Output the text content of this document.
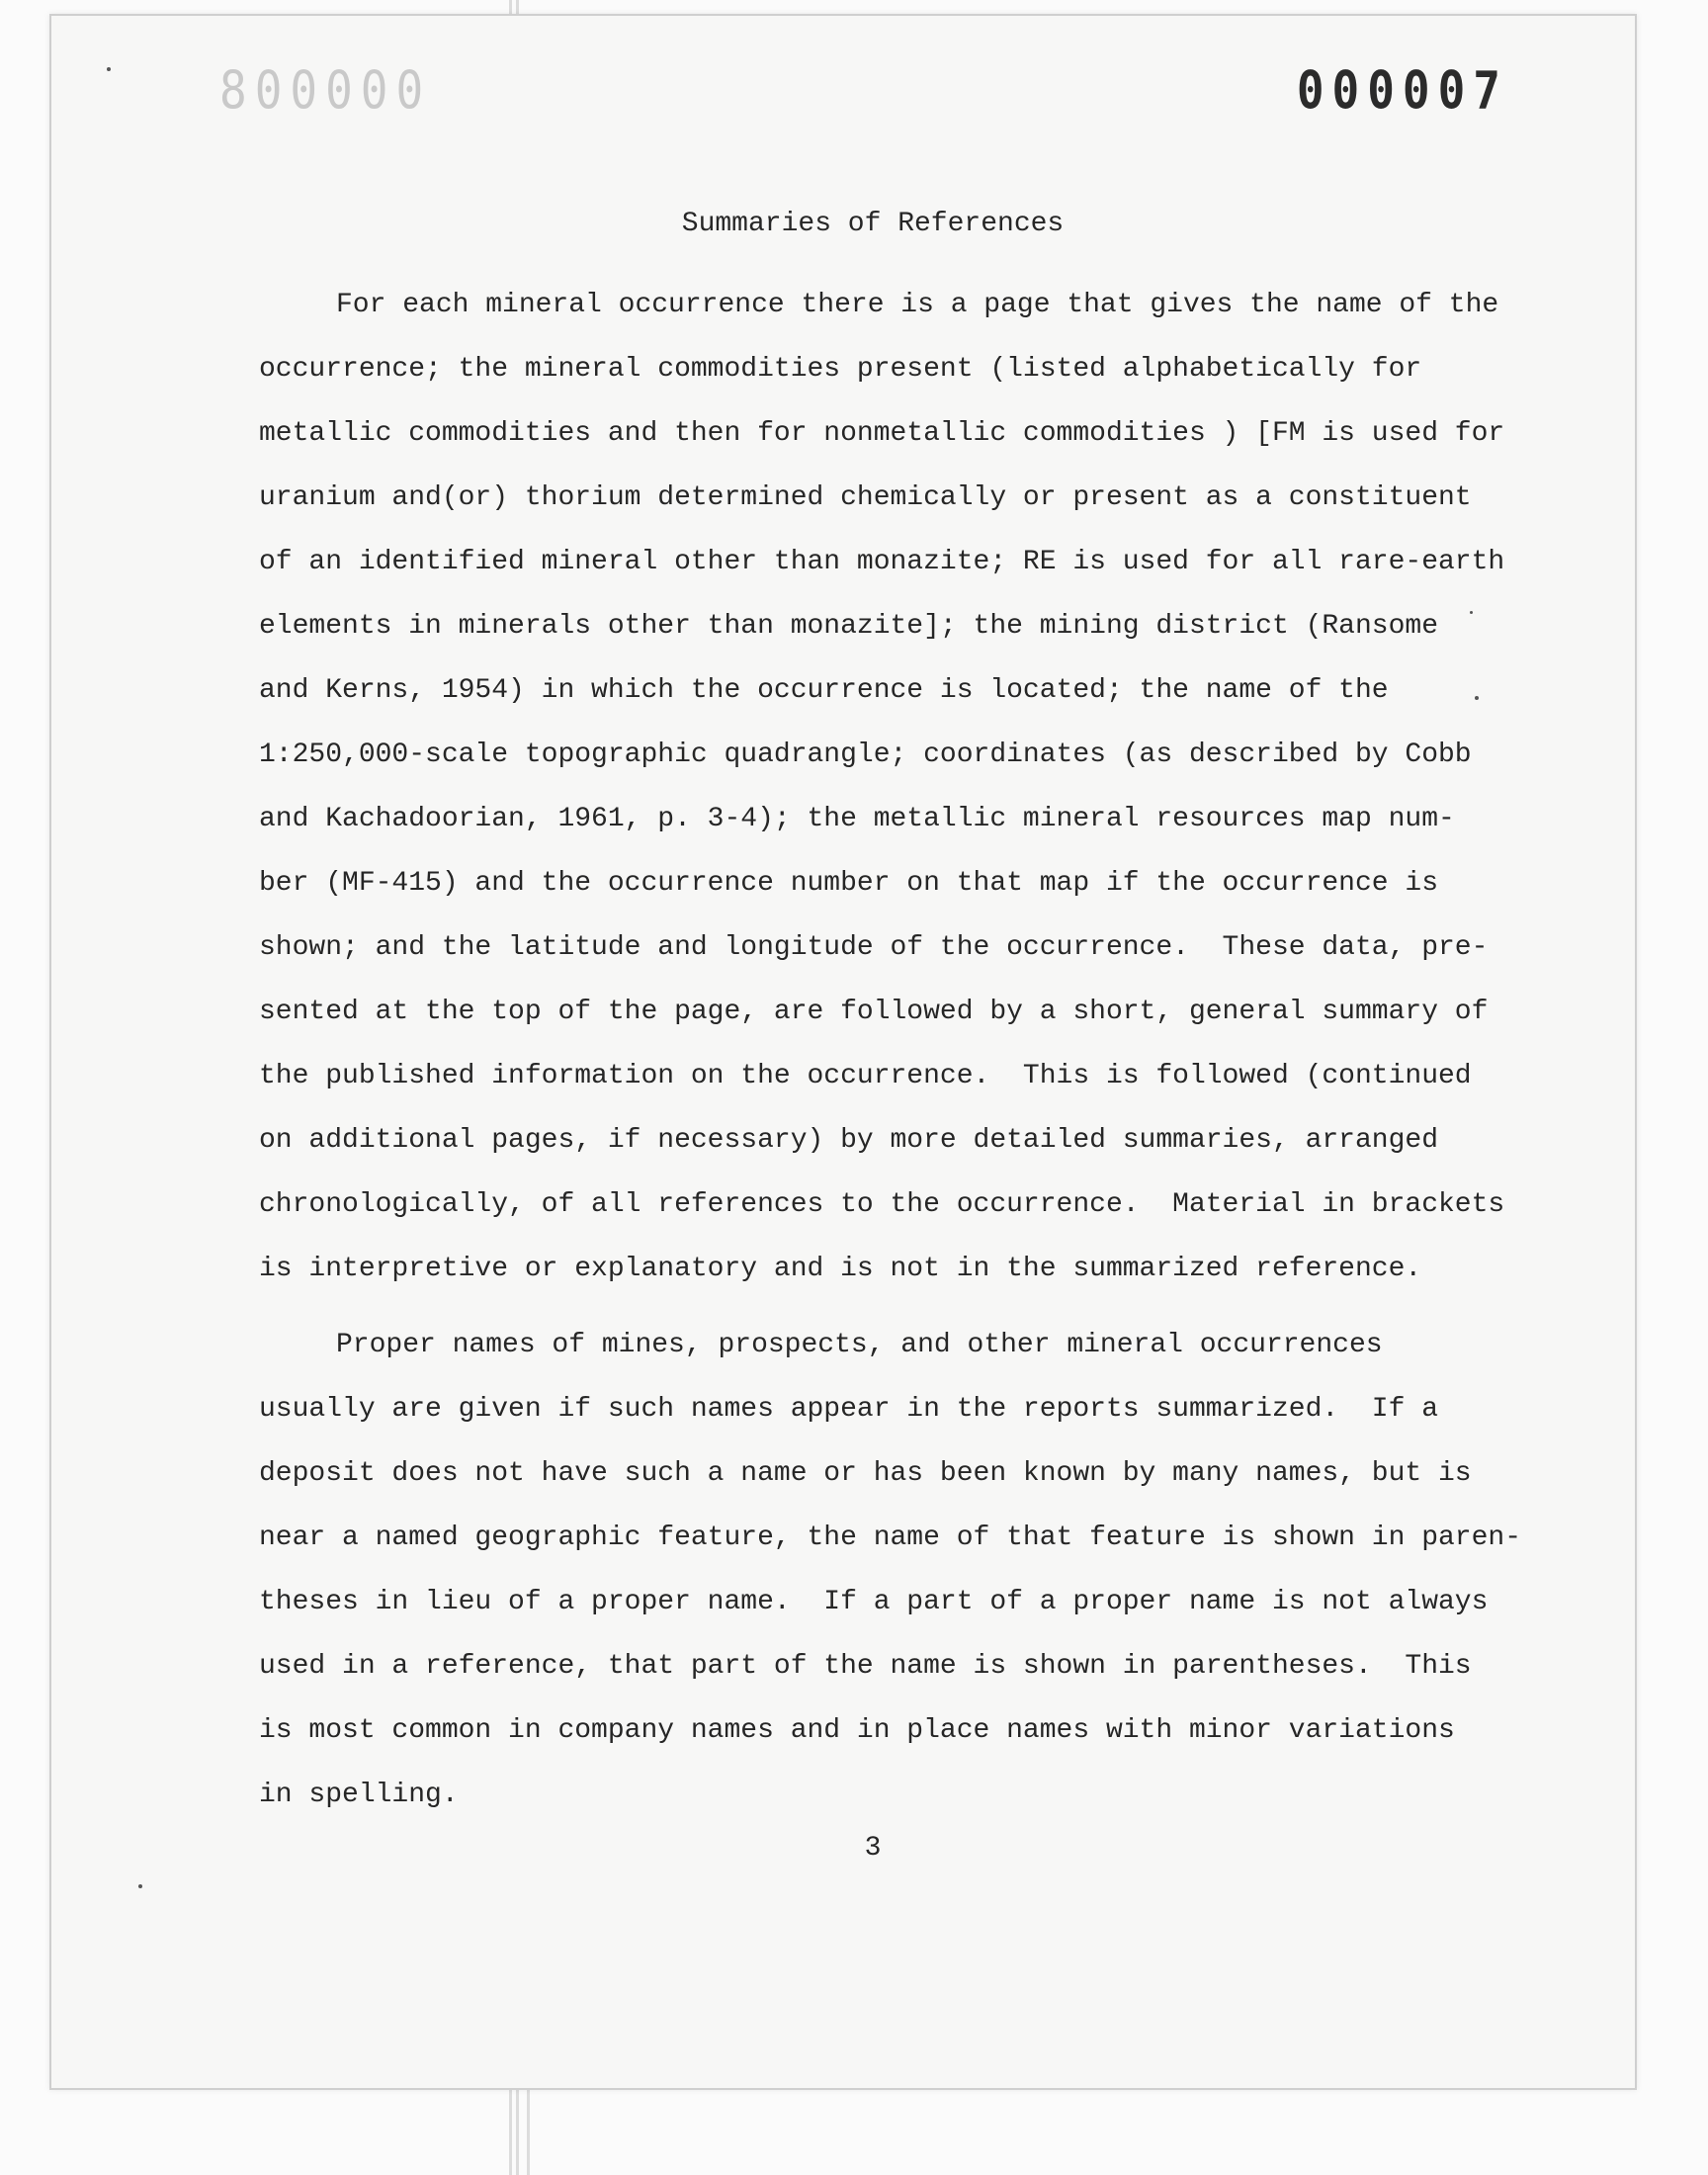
800000	000007
Summaries of References
For each mineral occurrence there is a page that gives the name of the
occurrence; the mineral commodities present (listed alphabetically for
metallic commodities and then for nonmetallic commodities ) [FM is used for
uranium and(or) thorium determined chemically or present as a constituent
of an identified mineral other than monazite; RE is used for all rare-earth
elements in minerals other than monazite]; the mining district (Ransome
and Kerns, 1954) in which the occurrence is located; the name of the
1:250,000-scale topographic quadrangle; coordinates (as described by Cobb
and Kachadoorian, 1961, p. 3-4); the metallic mineral resources map num-
ber (MF-415) and the occurrence number on that map if the occurrence is
shown; and the latitude and longitude of the occurrence.  These data, pre-
sented at the top of the page, are followed by a short, general summary of
the published information on the occurrence.  This is followed (continued
on additional pages, if necessary) by more detailed summaries, arranged
chronologically, of all references to the occurrence.  Material in brackets
is interpretive or explanatory and is not in the summarized reference.
Proper names of mines, prospects, and other mineral occurrences
usually are given if such names appear in the reports summarized.  If a
deposit does not have such a name or has been known by many names, but is
near a named geographic feature, the name of that feature is shown in paren-
theses in lieu of a proper name.  If a part of a proper name is not always
used in a reference, that part of the name is shown in parentheses.  This
is most common in company names and in place names with minor variations
in spelling.
3
